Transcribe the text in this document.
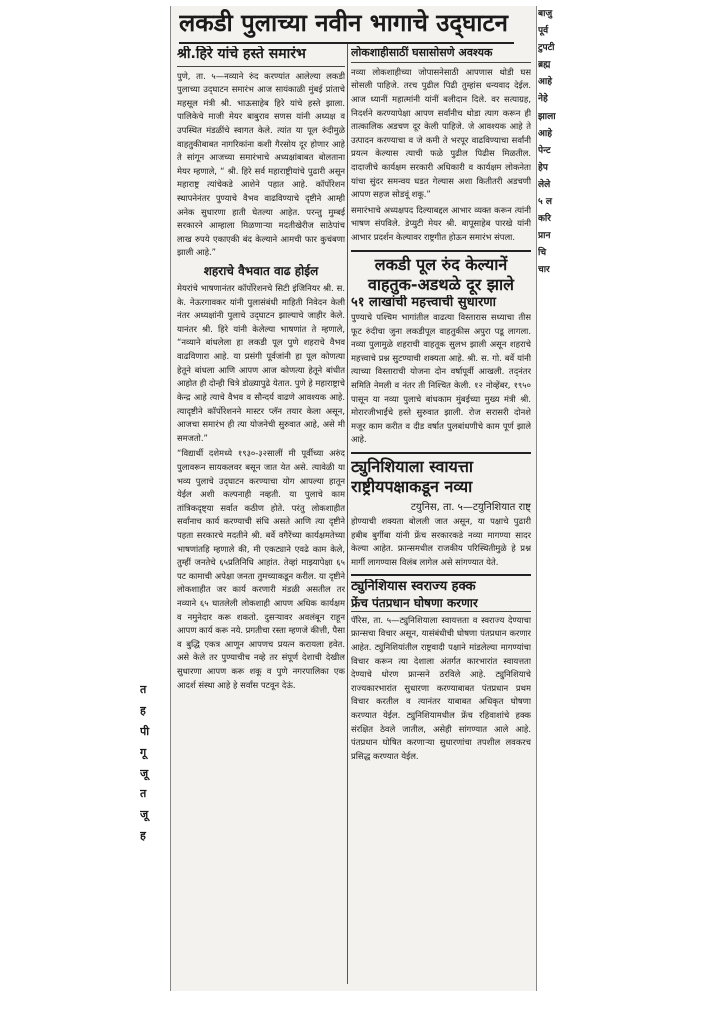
लकडी पुलाच्या नवीन भागाचे उद्‌घाटन
श्री.हिरे यांचे हस्ते समारंभ

पुणे, ता. ५—नव्याने रुंद करण्यांत आलेल्या लकडी पुलाच्या उद्‌घाटन समारंभ आज सायंकाळी मुंबई प्रांताचे महसूल मंत्री श्री. भाऊसाहेब हिरे यांचे हस्ते झाला. पालिकेचे माजी मेयर बाबुराव सणस यांनी अध्यक्ष व उपस्थित मंडळींचे स्वागत केले. त्यांत या पूल रुंदीमुळे वाहतुकीबाबत नागरिकांना कशी गैरसोय दूर होणार आहे ते सांगून आजच्या समारंभाचे अध्यक्षांबाबत बोलताना मेयर म्हणाले, “ श्री. हिरे सर्व महाराष्ट्रीयांचे पुढारी असून महाराष्ट्र त्यांचेकडे आशेने पहात आहे. कॉर्पोरेशन स्थापनेनंतर पुण्याचे वैभव वाढविण्याचे दृष्टीने आम्ही अनेक सुधारणा हाती घेतल्या आहेत. परन्तु मुम्बई सरकारने आम्हाला मिळणाऱ्या मदतीखेरीज साठेपांच लाख रुपये एकाएकी बंद केल्याने आमची फार कुचंबणा झाली आहे.”

शहराचे वैभवात वाढ होईल

मेयरांचे भाषणानंतर कॉर्पोरेशनचे सिटी इंजिनियर श्री. स. के. नेऊरगावकर यांनी पुलासंबंधी माहिती निवेदन केली नंतर अध्यक्षांनी पुलाचे उद्‌घाटन झाल्याचे जाहीर केले. यानंतर श्री. हिरे यांनी केलेल्या भाषणांत ते म्हणाले, “नव्याने बांधलेला हा लकडी पूल पुणे शहराचे वैभव वाढविणारा आहे. या प्रसंगी पूर्वजांनी हा पूल कोणत्या हेतूने बांधला आणि आपण आज कोणत्या हेतूने बांधीत आहोत ही दोन्ही चित्रे डोळ्यापुढे येतात. पुणे हे महाराष्ट्राचे केन्द्र आहे त्याचे वैभव व सौन्दर्य वाढणे आवश्यक आहे. त्यादृष्टीने कॉर्पोरेशनने मास्टर प्लॅन तयार केला असून, आजचा समारंभ ही त्या योजनेची सुरुवात आहे, असे मी समजतो.”

“विद्यार्थी दशेमध्ये १९३०-३२सालीं मी पूर्वीच्या अरुंद पुलावरून सायकलवर बसून जात येत असे. त्यावेळी या भव्य पुलाचे उद्‌घाटन करण्याचा योग आपल्या हातून येईल अशी कल्पनाही नव्हती. या पुलाचे काम तांत्रिकदृष्ट्या सर्वात कठीण होते. परंतु लोकशाहीत सर्वांनाच कार्य करण्याची संधि असते आणि त्या दृष्टीने पहता सरकारचे मदतीने श्री. बर्वे वगैरेंच्या कार्यक्षमतेच्या भाषणांतहि म्हणाले की, मी एकट्याने एवढे काम केले, तुम्हीं जनतेचे ६५प्रतिनिधि आहांत. तेव्हां माझ्यापेक्षा ६५ पट कामाची अपेक्षा जनता तुमच्याकडून करील. या दृष्टीने लोकशाहीत जर कार्य करणारी मंडळी असतील तर नव्याने ६५ घातलेली लोकशाही आपण अधिक कार्यक्षम व नमुनेदार करू शकतो. दुसऱ्यावर अवलंबून राहून आपण कार्य करू नये. प्रगतीचा रस्ता म्हणजे कीत्ती, पैसा व बुद्धि एकत्र आणून आपणच प्रयत्न करायला हवेत. असे केले तर पुण्याचीच नव्हे तर संपूर्ण देशाची देखील सुधारणा आपण करू शकू व पुणे नगरपालिका एक आदर्श संस्था आहे हे सर्वांस पटवून देऊं.

लोकशाहीसाठीं घसासोसणे अवश्यक

नव्या लोकशाहीच्या जोपासनेसाठी आपणास थोडी घस सोसली पाहिजे. तरच पुढील पिढी तुम्हांस धन्यवाद देईल. आज ध्यानीं महात्मांनी यांनीं बलीदान दिले. वर सत्याग्रह, निदर्शने करण्यापेक्षा आपण सर्वांनीच थोडा त्याग करून ही तात्कालिक अडचण दूर केली पाहिजे. जे आवश्यक आहे ते उत्पादन करण्याचा व जे कमी ते भरपूर वाढविण्याचा सर्वांनी प्रयत्न केल्यास त्याची फळे पुढील पिढीस मिळतील. दादाजीचे कार्यक्षम सरकारी अधिकारी व कार्यक्षम लोकनेता यांचा सुंदर समन्वय घडत गेल्यास अशा कितीतरी अडचणी आपण सहज सोडवूं शकू.”

समारंभाचे अध्यक्षपद दिल्याबद्दल आभार व्यक्त करून त्यांनी भाषण संपविले. डेप्युटी मेयर श्री. बापूसाहेब पारखे यांनी आभार प्रदर्शन केल्यावर राष्ट्रगीत होऊन समारंभ संपला.

लकडी पूल रुंद केल्यानें
वाहतुक-अडथळे दूर झाले
५१ लाखांची महत्त्वाची सुधारणा

पुण्याचे पश्चिम भागांतील वाढत्या विस्तारास सध्याचा तीस फूट रुंदीचा जुना लकडीपूल वाहतुकीस अपुरा पडू लागला. नव्या पुलामुळे शहराची वाहतूक सुलभ झाली असून शहराचे महत्त्वाचे प्रश्न सुटण्याची शक्यता आहे. श्री. स. गो. बर्वे यांनी त्याच्या विस्ताराची योजना दोन वर्षापूर्वी आखली. तद्नंतर समिति नेमली व नंतर ती निश्चित केली. १२ नोव्हेंबर, १९५० पासून या नव्या पुलाचे बांधकाम मुंबईच्या मुख्य मंत्री श्री. मोरारजीभाईंचे हस्ते सुरुवात झाली. रोज सरासरी दोनशे मजूर काम करीत व दीड वर्षात पुलबांधणीचे काम पूर्ण झाले आहे.

ट्युनिशियाला स्वायत्ता
राष्ट्रीयपक्षाकडून नव्या
टयुनिस, ता. ५—टयुनिशियात राष्ट्

होण्याची शक्यता बोलली जात असून, या पक्षाचे पुढारी हबीब बुर्गीबा यांनी फ्रेंच सरकारकडे नव्या मागण्या सादर केल्या आहेत. फ्रान्समधील राजकीय परिस्थितीमुळे हे प्रश्न मार्गी लागण्यास विलंब लागेल असे सांगण्यात येते.

ट्युनिशियास स्वराज्य हक्क
फ्रेंच पंतप्रधान घोषणा करणार

पॅरिस, ता. ५—ट्युनिशियाला स्वायत्तता व स्वराज्य देण्याचा फ्रान्सचा विचार असून, यासंबंधीची घोषणा पंतप्रधान करणार आहेत. ट्युनिशियांतील राष्ट्रवादी पक्षाने मांडलेल्या मागण्यांचा विचार करून त्या देशाला अंतर्गत कारभारांत स्वायत्तता देण्याचे धोरण फ्रान्सने ठरविले आहे. ट्युनिशियाचे राज्यकारभारांत सुधारणा करण्याबाबत पंतप्रधान प्रथम विचार करतील व त्यानंतर याबाबत अधिकृत घोषणा करण्यात येईल. ट्युनिशियामधील फ्रेंच रहिवाशांचे हक्क संरक्षित ठेवले जातील, असेही सांगण्यात आले आहे. पंतप्रधान घोषित करणाऱ्या सुधारणांचा तपशील लवकरच प्रसिद्ध करण्यात येईल.

बाजु
पूर्व
टुपटी
ब्रह्म
आहे
नेहे
झाला
आहे
पेन्ट
हेप
लेले
५ ल
करि
प्रान
चि
चार
त
ह
पी
गू
जू
त
जू
ह
